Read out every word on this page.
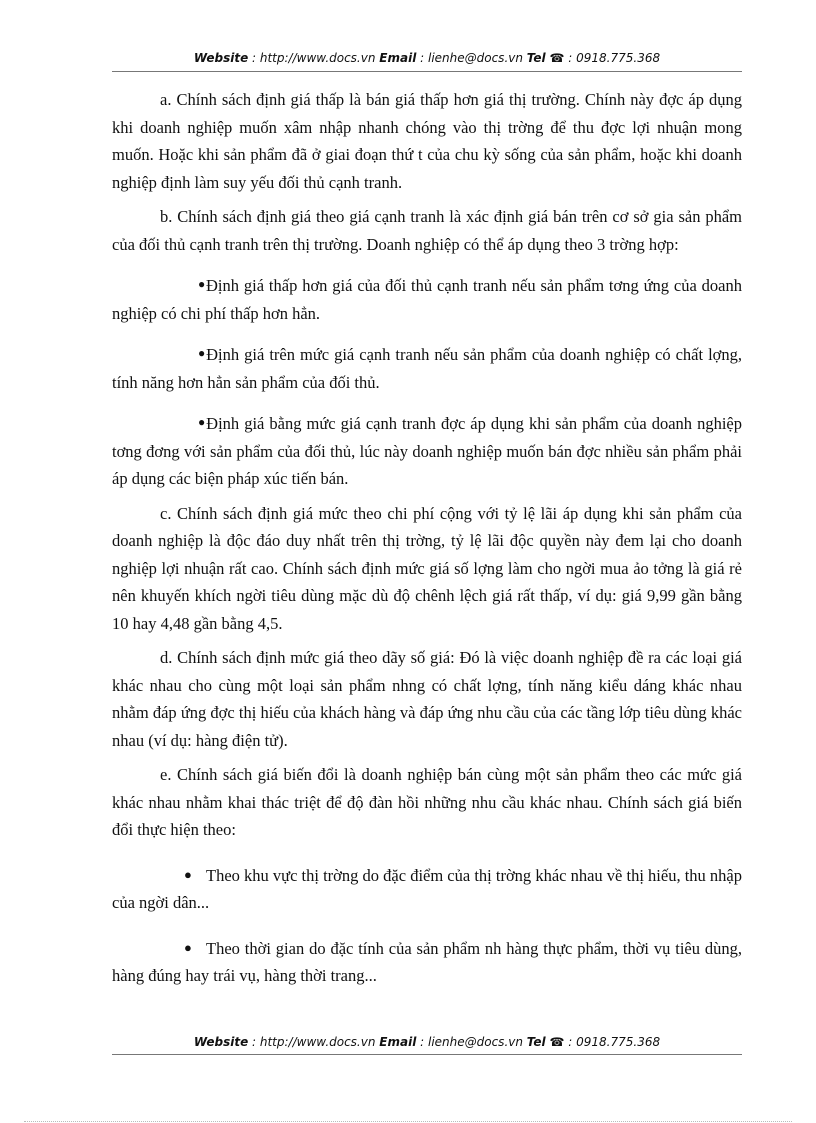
Website : http://www.docs.vn Email : lienhe@docs.vn Tel ☎ : 0918.775.368

a. Chính sách định giá thấp là bán giá thấp hơn giá thị trường. Chính này đợc áp dụng khi doanh nghiệp muốn xâm nhập nhanh chóng vào thị trờng để thu đợc lợi nhuận mong muốn. Hoặc khi sản phẩm đã ở giai đoạn thứ t của chu kỳ sống của sản phẩm, hoặc khi doanh nghiệp định làm suy yếu đối thủ cạnh tranh.

b. Chính sách định giá theo giá cạnh tranh là xác định giá bán trên cơ sở gia sản phẩm của đối thủ cạnh tranh trên thị trường. Doanh nghiệp có thể áp dụng theo 3 trờng hợp:

●Định giá thấp hơn giá của đối thủ cạnh tranh nếu sản phẩm tơng ứng của doanh nghiệp có chi phí thấp hơn hẳn.

●Định giá trên mức giá cạnh tranh nếu sản phẩm của doanh nghiệp có chất lợng, tính năng hơn hẳn sản phẩm của đối thủ.

●Định giá bằng mức giá cạnh tranh đợc áp dụng khi sản phẩm của doanh nghiệp tơng đơng với sản phẩm của đối thủ, lúc này doanh nghiệp muốn bán đợc nhiều sản phẩm phải áp dụng các biện pháp xúc tiến bán.

c. Chính sách định giá mức theo chi phí cộng với tỷ lệ lãi áp dụng khi sản phẩm của doanh nghiệp là độc đáo duy nhất trên thị trờng, tỷ lệ lãi độc quyền này đem lại cho doanh nghiệp lợi nhuận rất cao. Chính sách định mức giá số lợng làm cho ngời mua ảo tởng là giá rẻ nên khuyến khích ngời tiêu dùng mặc dù độ chênh lệch giá rất thấp, ví dụ: giá 9,99 gần bằng 10 hay 4,48 gần bằng 4,5.

d. Chính sách định mức giá theo dãy số giá: Đó là việc doanh nghiệp đề ra các loại giá khác nhau cho cùng một loại sản phẩm nhng có chất lợng, tính năng kiểu dáng khác nhau nhằm đáp ứng đợc thị hiếu của khách hàng và đáp ứng nhu cầu của các tầng lớp tiêu dùng khác nhau (ví dụ: hàng điện tử).

e. Chính sách giá biến đổi là doanh nghiệp bán cùng một sản phẩm theo các mức giá khác nhau nhằm khai thác triệt để độ đàn hồi những nhu cầu khác nhau. Chính sách giá biến đổi thực hiện theo:

● Theo khu vực thị trờng do đặc điểm của thị trờng khác nhau về thị hiếu, thu nhập của ngời dân...

● Theo thời gian do đặc tính của sản phẩm nh hàng thực phẩm, thời vụ tiêu dùng, hàng đúng hay trái vụ, hàng thời trang...

Website : http://www.docs.vn Email : lienhe@docs.vn Tel ☎ : 0918.775.368
